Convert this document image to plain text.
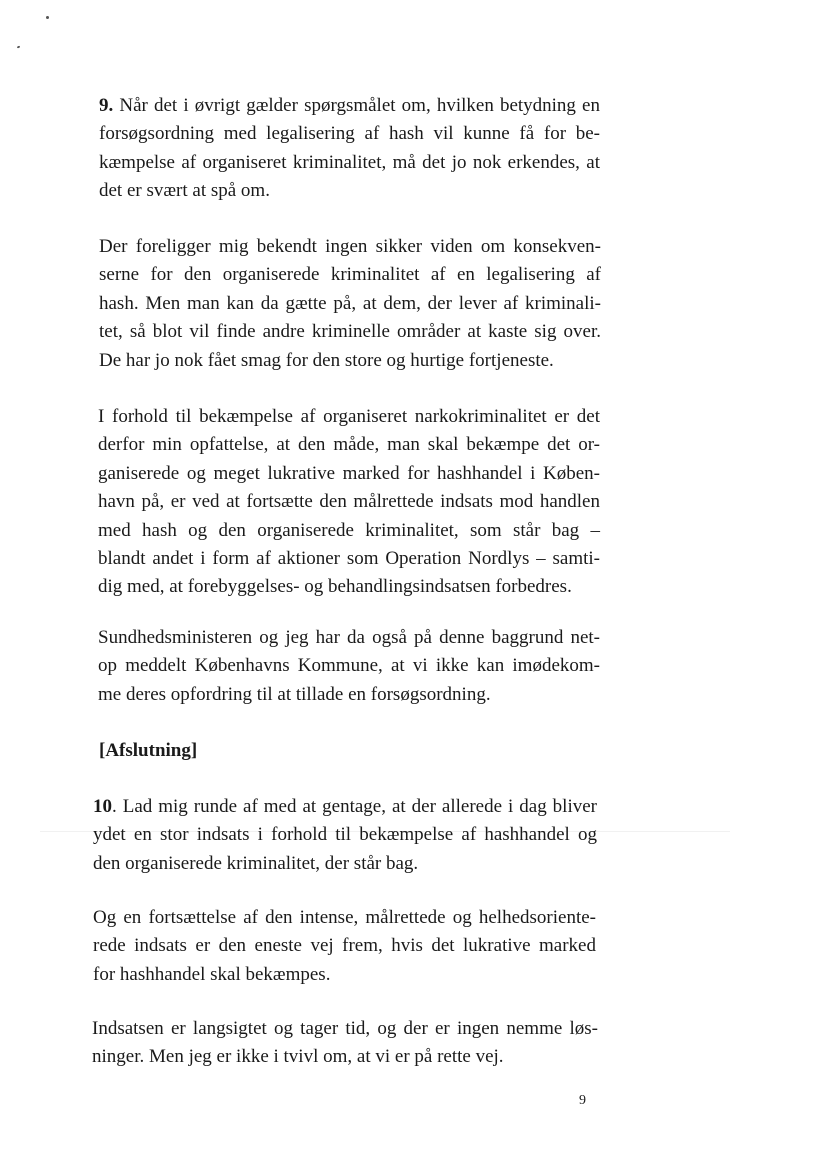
9. Når det i øvrigt gælder spørgsmålet om, hvilken betydning en
forsøgsordning med legalisering af hash vil kunne få for be-
kæmpelse af organiseret kriminalitet, må det jo nok erkendes, at
det er svært at spå om.
Der foreligger mig bekendt ingen sikker viden om konsekven-
serne for den organiserede kriminalitet af en legalisering af
hash. Men man kan da gætte på, at dem, der lever af kriminali-
tet, så blot vil finde andre kriminelle områder at kaste sig over.
De har jo nok fået smag for den store og hurtige fortjeneste.
I forhold til bekæmpelse af organiseret narkokriminalitet er det
derfor min opfattelse, at den måde, man skal bekæmpe det or-
ganiserede og meget lukrative marked for hashhandel i Køben-
havn på, er ved at fortsætte den målrettede indsats mod handlen
med hash og den organiserede kriminalitet, som står bag –
blandt andet i form af aktioner som Operation Nordlys – samti-
dig med, at forebyggelses- og behandlingsindsatsen forbedres.
Sundhedsministeren og jeg har da også på denne baggrund net-
op meddelt Københavns Kommune, at vi ikke kan imødekom-
me deres opfordring til at tillade en forsøgsordning.
[Afslutning]
10. Lad mig runde af med at gentage, at der allerede i dag bliver
ydet en stor indsats i forhold til bekæmpelse af hashhandel og
den organiserede kriminalitet, der står bag.
Og en fortsættelse af den intense, målrettede og helhedsoriente-
rede indsats er den eneste vej frem, hvis det lukrative marked
for hashhandel skal bekæmpes.
Indsatsen er langsigtet og tager tid, og der er ingen nemme løs-
ninger. Men jeg er ikke i tvivl om, at vi er på rette vej.
9
